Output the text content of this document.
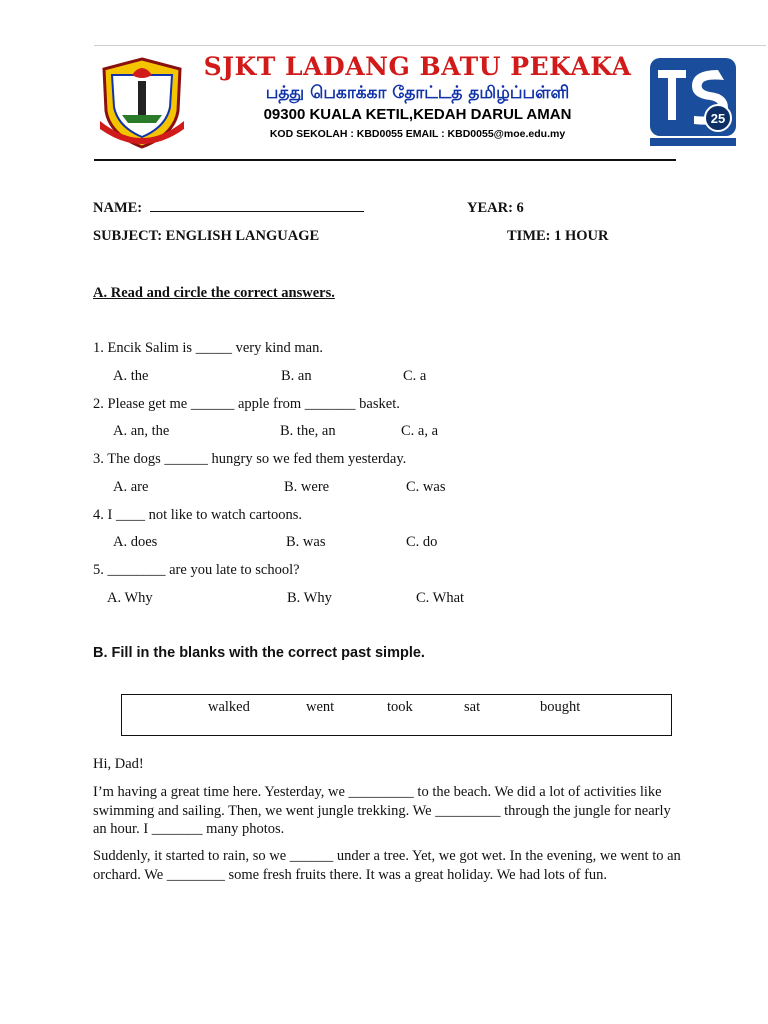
25
SJKT LADANG BATU PEKAKA
பத்து பெகாக்கா தோட்டத் தமிழ்ப்பள்ளி
09300 KUALA KETIL,KEDAH DARUL AMAN
KOD SEKOLAH : KBD0055 EMAIL : KBD0055@moe.edu.my
NAME:	YEAR: 6
SUBJECT: ENGLISH LANGUAGE	TIME: 1 HOUR
A. Read and circle the correct answers.
1. Encik Salim is _____ very kind man.
A. the	B. an	C. a
2. Please get me ______ apple from _______ basket.
A. an, the	B. the, an	C. a, a
3. The dogs ______ hungry so we fed them yesterday.
A. are	B. were	C. was
4. I ____ not like to watch cartoons.
A. does	B. was	C. do
5. ________ are you late to school?
A. Why	B. Why	C. What
B. Fill in the blanks with the correct past simple.
walked	went	took	sat	bought
Hi, Dad!
I’m having a great time here. Yesterday, we _________ to the beach. We did a lot of activities like swimming and sailing. Then, we went jungle trekking. We _________ through the jungle for nearly an hour. I _______ many photos.
Suddenly, it started to rain, so we ______ under a tree. Yet, we got wet. In the evening, we went to an orchard. We ________ some fresh fruits there. It was a great holiday. We had lots of fun.
